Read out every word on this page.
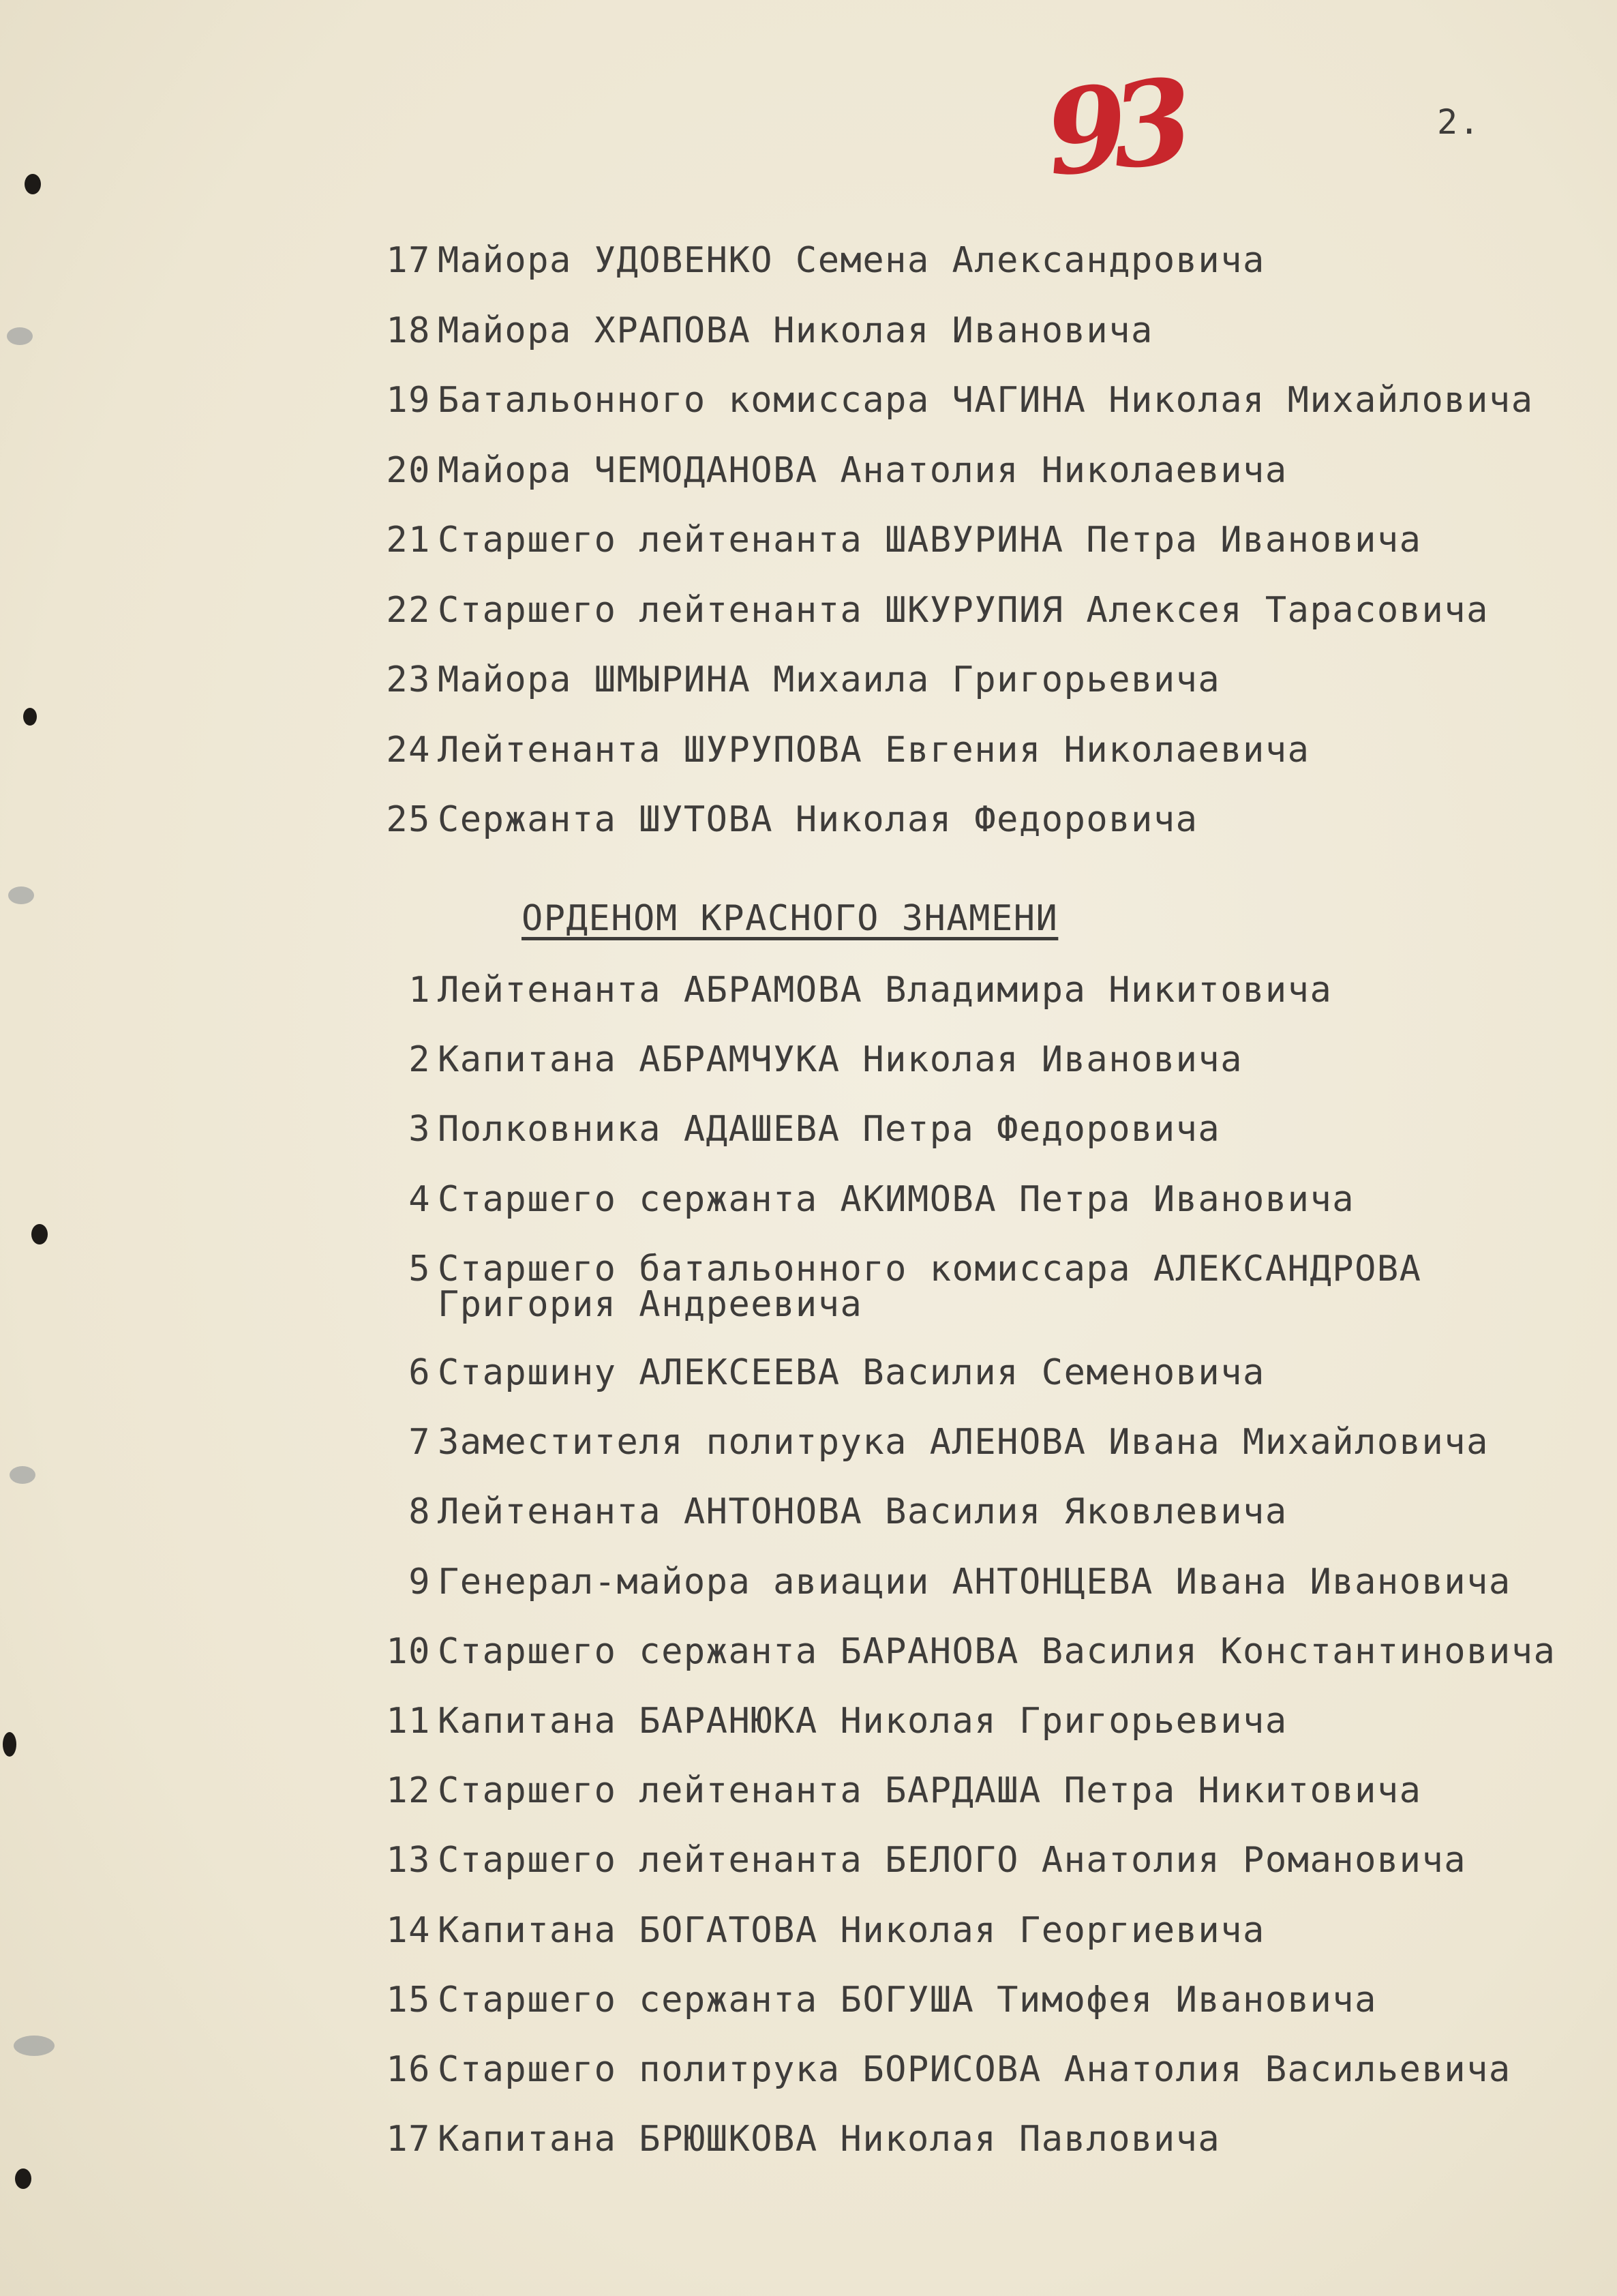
93	2.
17 Майора УДОВЕНКО Семена Александровича
18 Майора ХРАПОВА Николая Ивановича
19 Батальонного комиссара ЧАГИНА Николая Михайловича
20 Майора ЧЕМОДАНОВА Анатолия Николаевича
21 Старшего лейтенанта ШАВУРИНА Петра Ивановича
22 Старшего лейтенанта ШКУРУПИЯ Алексея Тарасовича
23 Майора ШМЫРИНА Михаила Григорьевича
24 Лейтенанта ШУРУПОВА Евгения Николаевича
25 Сержанта ШУТОВА Николая Федоровича
ОРДЕНОМ КРАСНОГО ЗНАМЕНИ
1 Лейтенанта АБРАМОВА Владимира Никитовича
2 Капитана АБРАМЧУКА Николая Ивановича
3 Полковника АДАШЕВА Петра Федоровича
4 Старшего сержанта АКИМОВА Петра Ивановича
5 Старшего батальонного комиссара АЛЕКСАНДРОВА
Григория Андреевича
6 Старшину АЛЕКСЕЕВА Василия Семеновича
7 Заместителя политрука АЛЕНОВА Ивана Михайловича
8 Лейтенанта АНТОНОВА Василия Яковлевича
9 Генерал-майора авиации АНТОНЦЕВА Ивана Ивановича
10 Старшего сержанта БАРАНОВА Василия Константиновича
11 Капитана БАРАНЮКА Николая Григорьевича
12 Старшего лейтенанта БАРДАША Петра Никитовича
13 Старшего лейтенанта БЕЛОГО Анатолия Романовича
14 Капитана БОГАТОВА Николая Георгиевича
15 Старшего сержанта БОГУША Тимофея Ивановича
16 Старшего политрука БОРИСОВА Анатолия Васильевича
17 Капитана БРЮШКОВА Николая Павловича
